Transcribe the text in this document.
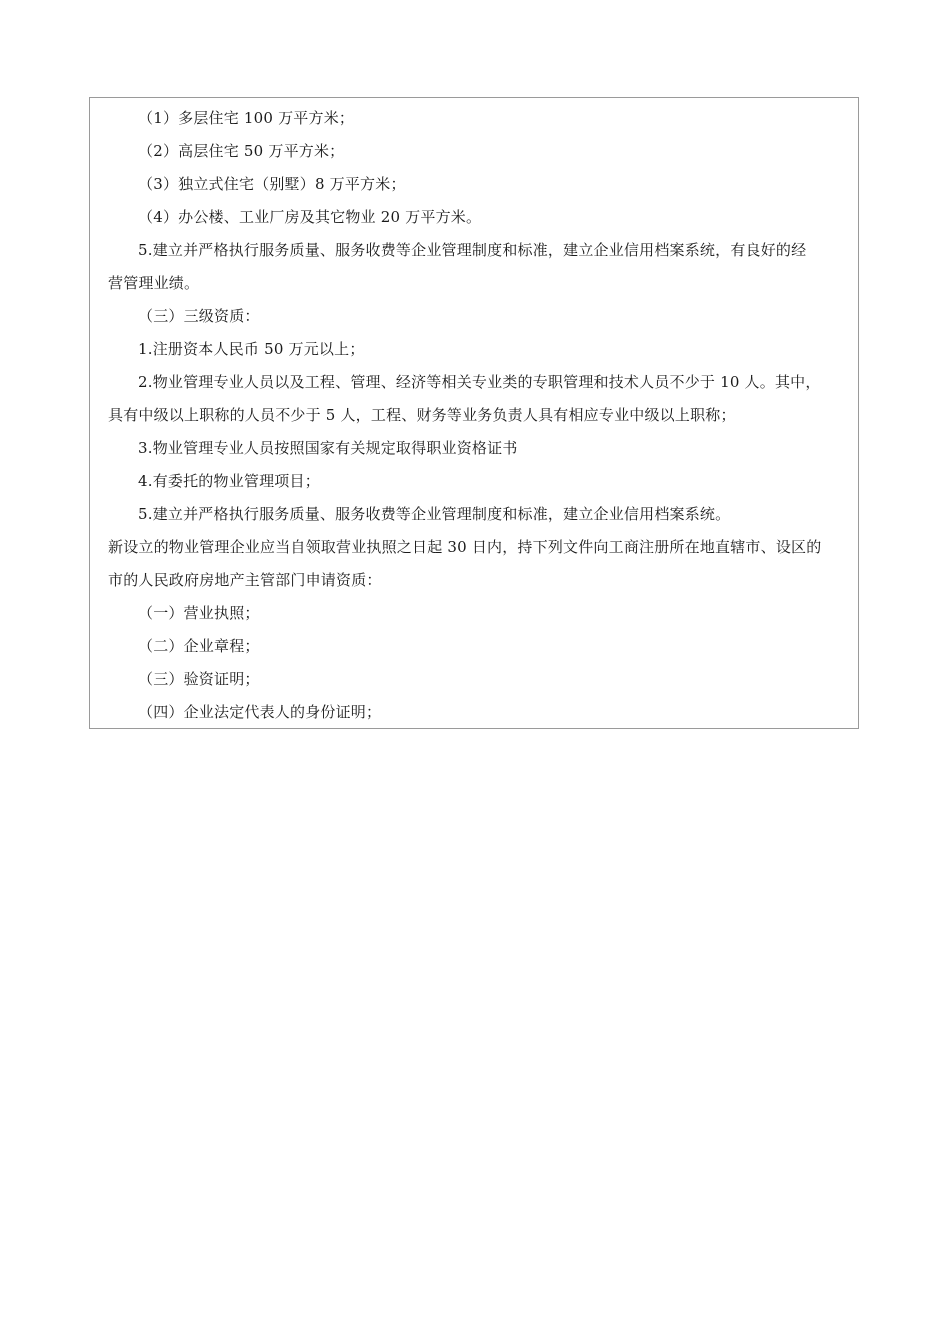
（1）多层住宅 100 万平方米；
（2）高层住宅 50 万平方米；
（3）独立式住宅（别墅）8 万平方米；
（4）办公楼、工业厂房及其它物业 20 万平方米。
5.建立并严格执行服务质量、服务收费等企业管理制度和标准，建立企业信用档案系统，有良好的经
营管理业绩。
（三）三级资质：
1.注册资本人民币 50 万元以上；
2.物业管理专业人员以及工程、管理、经济等相关专业类的专职管理和技术人员不少于 10 人。其中，
具有中级以上职称的人员不少于 5 人，工程、财务等业务负责人具有相应专业中级以上职称；
3.物业管理专业人员按照国家有关规定取得职业资格证书
4.有委托的物业管理项目；
5.建立并严格执行服务质量、服务收费等企业管理制度和标准，建立企业信用档案系统。
新设立的物业管理企业应当自领取营业执照之日起 30 日内，持下列文件向工商注册所在地直辖市、设区的
市的人民政府房地产主管部门申请资质：
（一）营业执照；
（二）企业章程；
（三）验资证明；
（四）企业法定代表人的身份证明；
